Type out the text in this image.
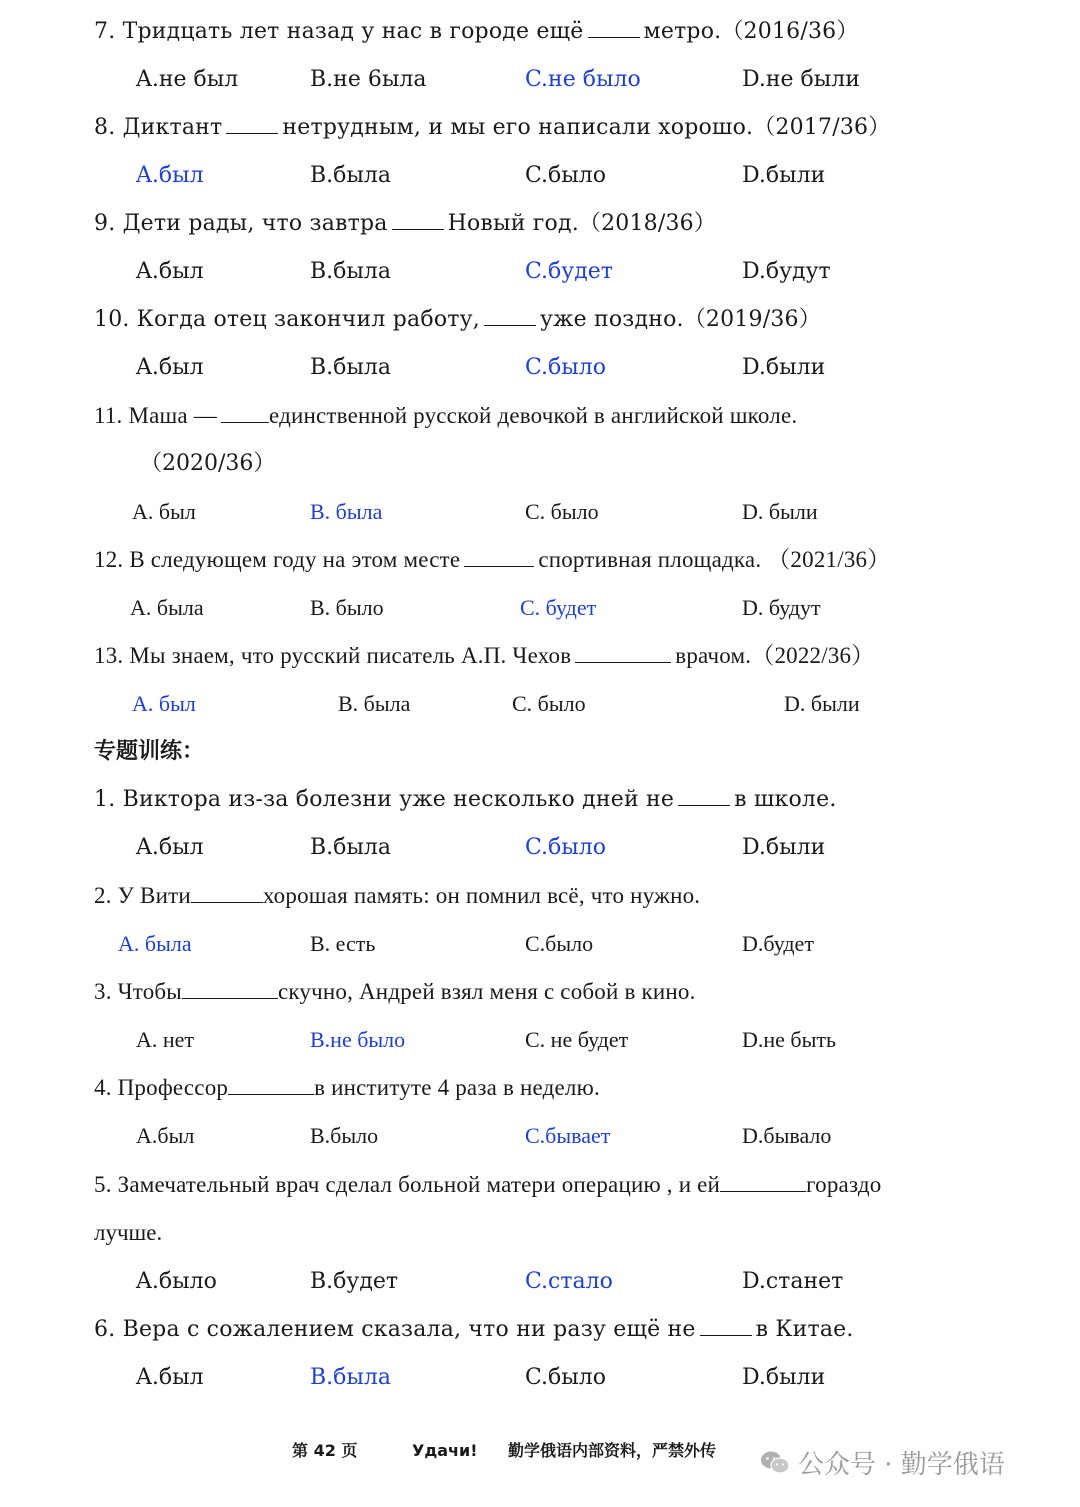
7. Тридцать лет назад у нас в городе ещё	метро.（2016/36）
A.не был	B.не 6ыла	C.не было	D.не были
8. Диктант	нетрудным, и мы его написали хорошо.（2017/36）
A.был	B.была	C.было	D.были
9. Дети рады, что завтра	Новый год.（2018/36）
A.был	B.была	C.будет	D.будут
10. Когда отец закончил работу,	уже поздно.（2019/36）
A.был	B.была	C.было	D.были
11. Маша — единственной русской девочкой в английской школе.
（2020/36）
A. был	B. была	C. было	D. были
12. В следующем году на этом месте	спортивная площадка. （2021/36）
A. была	B. было	C. будет	D. будут
13. Мы знаем, что русский писатель А.П. Чехов	врачом.（2022/36）
A. был	B. была	C. было	D. были
专题训练：
1. Виктора из-за болезни уже несколько дней не	в школе.
A.был	B.была	C.было	D.были
2. У Вити	хорошая память: он помнил всё, что нужно.
A. была	B. есть	C.было	D.будет
3. Чтобы	скучно, Андрей взял меня с собой в кино.
A. нет	B.не было	C. не будет	D.не быть
4. Профессор	в институте 4 раза в неделю.
A.был	B.было	C.бывает	D.бывало
5. Замечательный врач сделал больной матери операцию , и ей	гораздо
лучше.
A.было	B.будет	C.стало	D.станет
6. Вера с сожалением сказала, что ни разу ещё не	в Китае.
A.был	B.была	C.было	D.были
第 42 页	Удачи! 勤学俄语内部资料，严禁外传	公众号 · 勤学俄语
